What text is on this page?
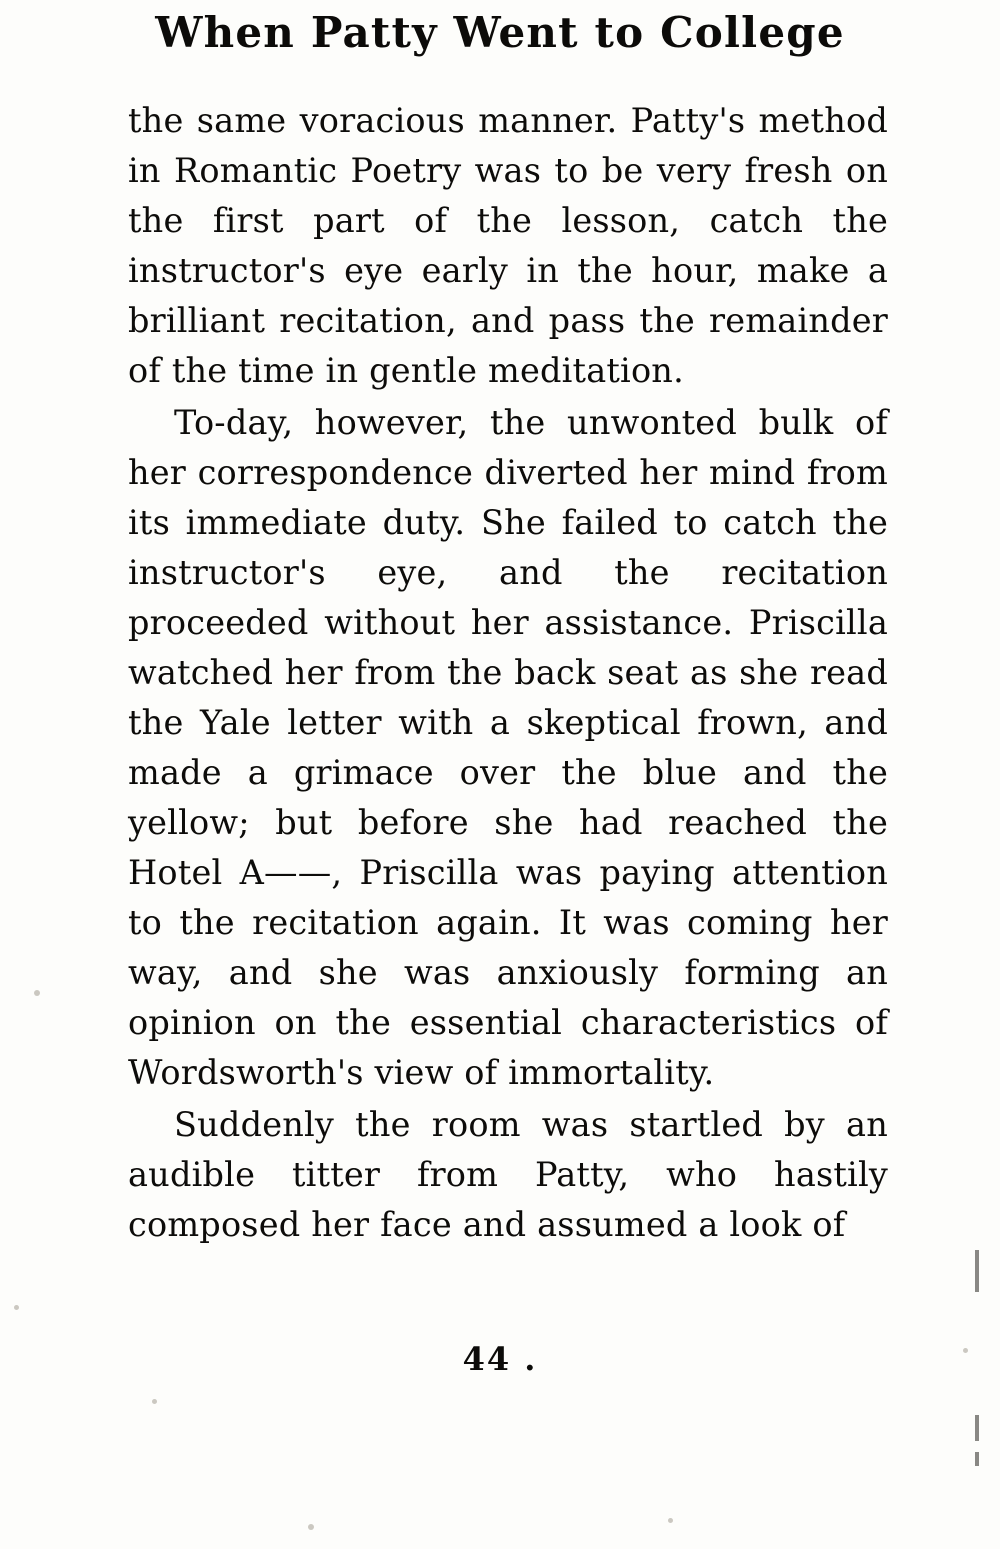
When Patty Went to College

the same voracious manner. Patty's method in Romantic Poetry was to be very fresh on the first part of the lesson, catch the instructor's eye early in the hour, make a brilliant recitation, and pass the remainder of the time in gentle meditation.

To-day, however, the unwonted bulk of her correspondence diverted her mind from its immediate duty. She failed to catch the instructor's eye, and the recitation proceeded without her assistance. Priscilla watched her from the back seat as she read the Yale letter with a skeptical frown, and made a grimace over the blue and the yellow; but before she had reached the Hotel A——, Priscilla was paying attention to the recitation again. It was coming her way, and she was anxiously forming an opinion on the essential characteristics of Wordsworth's view of immortality.

Suddenly the room was startled by an audible titter from Patty, who hastily composed her face and assumed a look of

44 .
